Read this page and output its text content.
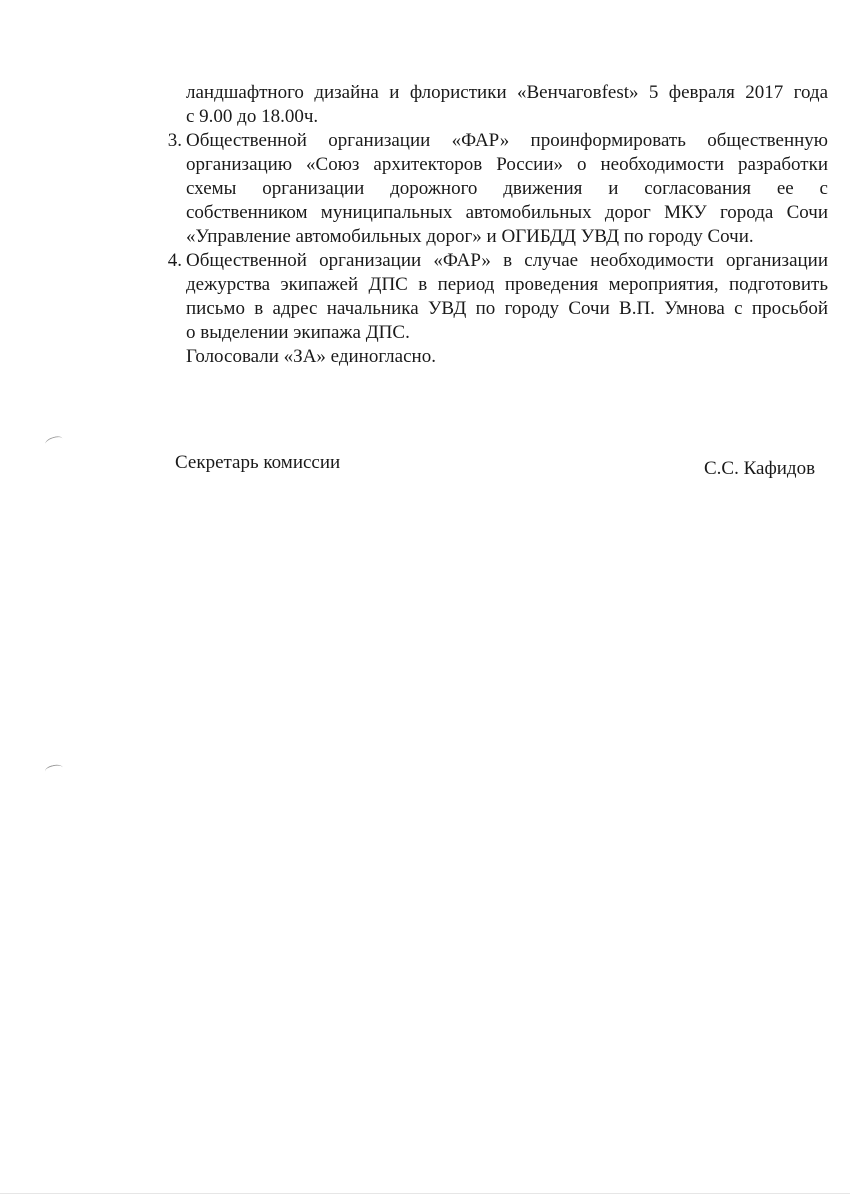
ландшафтного дизайна и флористики «Венчаговfest» 5 февраля 2017 года
с 9.00 до 18.00ч.
3. Общественной организации «ФАР» проинформировать общественную
организацию «Союз архитекторов России» о необходимости разработки
схемы организации дорожного движения и согласования ее с
собственником муниципальных автомобильных дорог МКУ города Сочи
«Управление автомобильных дорог» и ОГИБДД УВД по городу Сочи.
4. Общественной организации «ФАР» в случае необходимости организации
дежурства экипажей ДПС в период проведения мероприятия, подготовить
письмо в адрес начальника УВД по городу Сочи В.П. Умнова с просьбой
о выделении экипажа ДПС.
Голосовали «ЗА» единогласно.
Секретарь комиссии	С.С. Кафидов
